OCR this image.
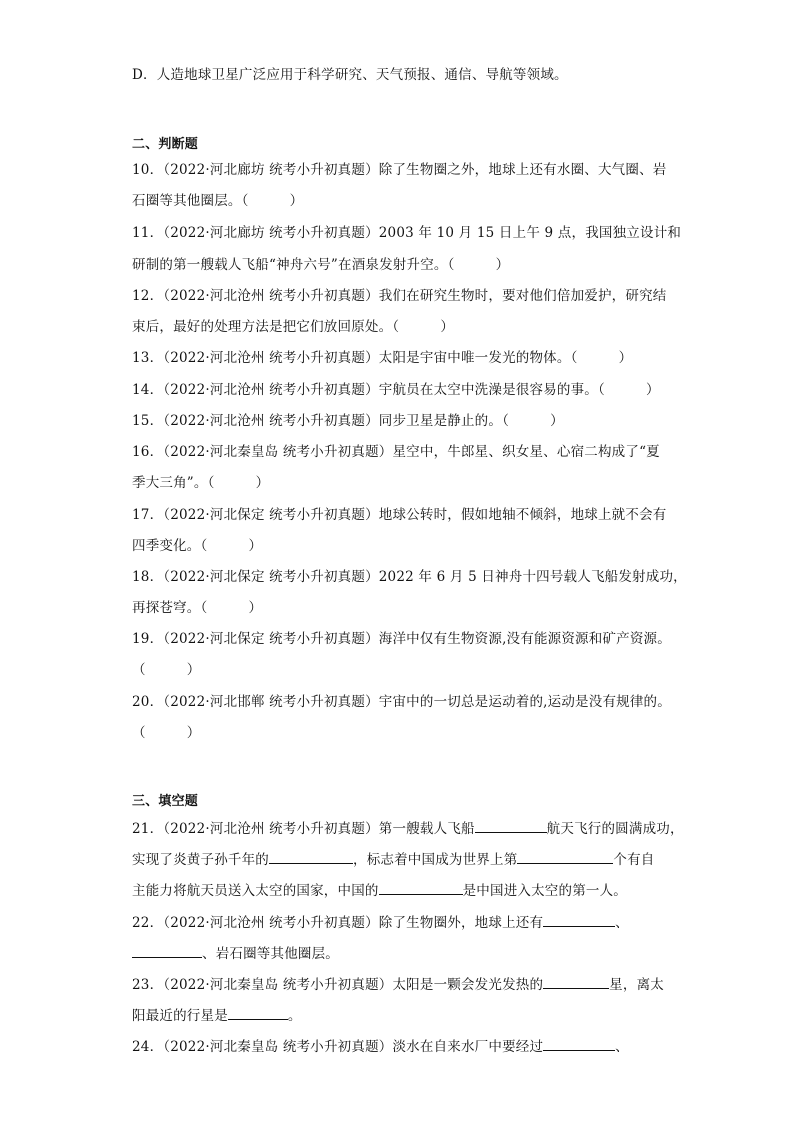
D．人造地球卫星广泛应用于科学研究、天气预报、通信、导航等领域。
二、判断题
10．（2022·河北廊坊 统考小升初真题）除了生物圈之外，地球上还有水圈、大气圈、岩
石圈等其他圈层。（　　　）
11．（2022·河北廊坊 统考小升初真题）2003 年 10 月 15 日上午 9 点，我国独立设计和
研制的第一艘载人飞船“神舟六号”在酒泉发射升空。（　　　）
12．（2022·河北沧州 统考小升初真题）我们在研究生物时，要对他们倍加爱护，研究结
束后，最好的处理方法是把它们放回原处。（　　　）
13．（2022·河北沧州 统考小升初真题）太阳是宇宙中唯一发光的物体。（　　　）
14．（2022·河北沧州 统考小升初真题）宇航员在太空中洗澡是很容易的事。（　　　）
15．（2022·河北沧州 统考小升初真题）同步卫星是静止的。（　　　）
16．（2022·河北秦皇岛 统考小升初真题）星空中，牛郎星、织女星、心宿二构成了“夏
季大三角”。（　　　）
17．（2022·河北保定 统考小升初真题）地球公转时，假如地轴不倾斜，地球上就不会有
四季变化。（　　　）
18．（2022·河北保定 统考小升初真题）2022 年 6 月 5 日神舟十四号载人飞船发射成功，
再探苍穹。（　　　）
19．（2022·河北保定 统考小升初真题）海洋中仅有生物资源,没有能源资源和矿产资源。
（　　　）
20．（2022·河北邯郸 统考小升初真题）宇宙中的一切总是运动着的,运动是没有规律的。
（　　　）
三、填空题
21．（2022·河北沧州 统考小升初真题）第一艘载人飞船	航天飞行的圆满成功，
实现了炎黄子孙千年的	，标志着中国成为世界上第	个有自
主能力将航天员送入太空的国家，中国的	是中国进入太空的第一人。
22．（2022·河北沧州 统考小升初真题）除了生物圈外，地球上还有	、
、岩石圈等其他圈层。
23．（2022·河北秦皇岛 统考小升初真题）太阳是一颗会发光发热的	星，离太
阳最近的行星是	。
24．（2022·河北秦皇岛 统考小升初真题）淡水在自来水厂中要经过	、
